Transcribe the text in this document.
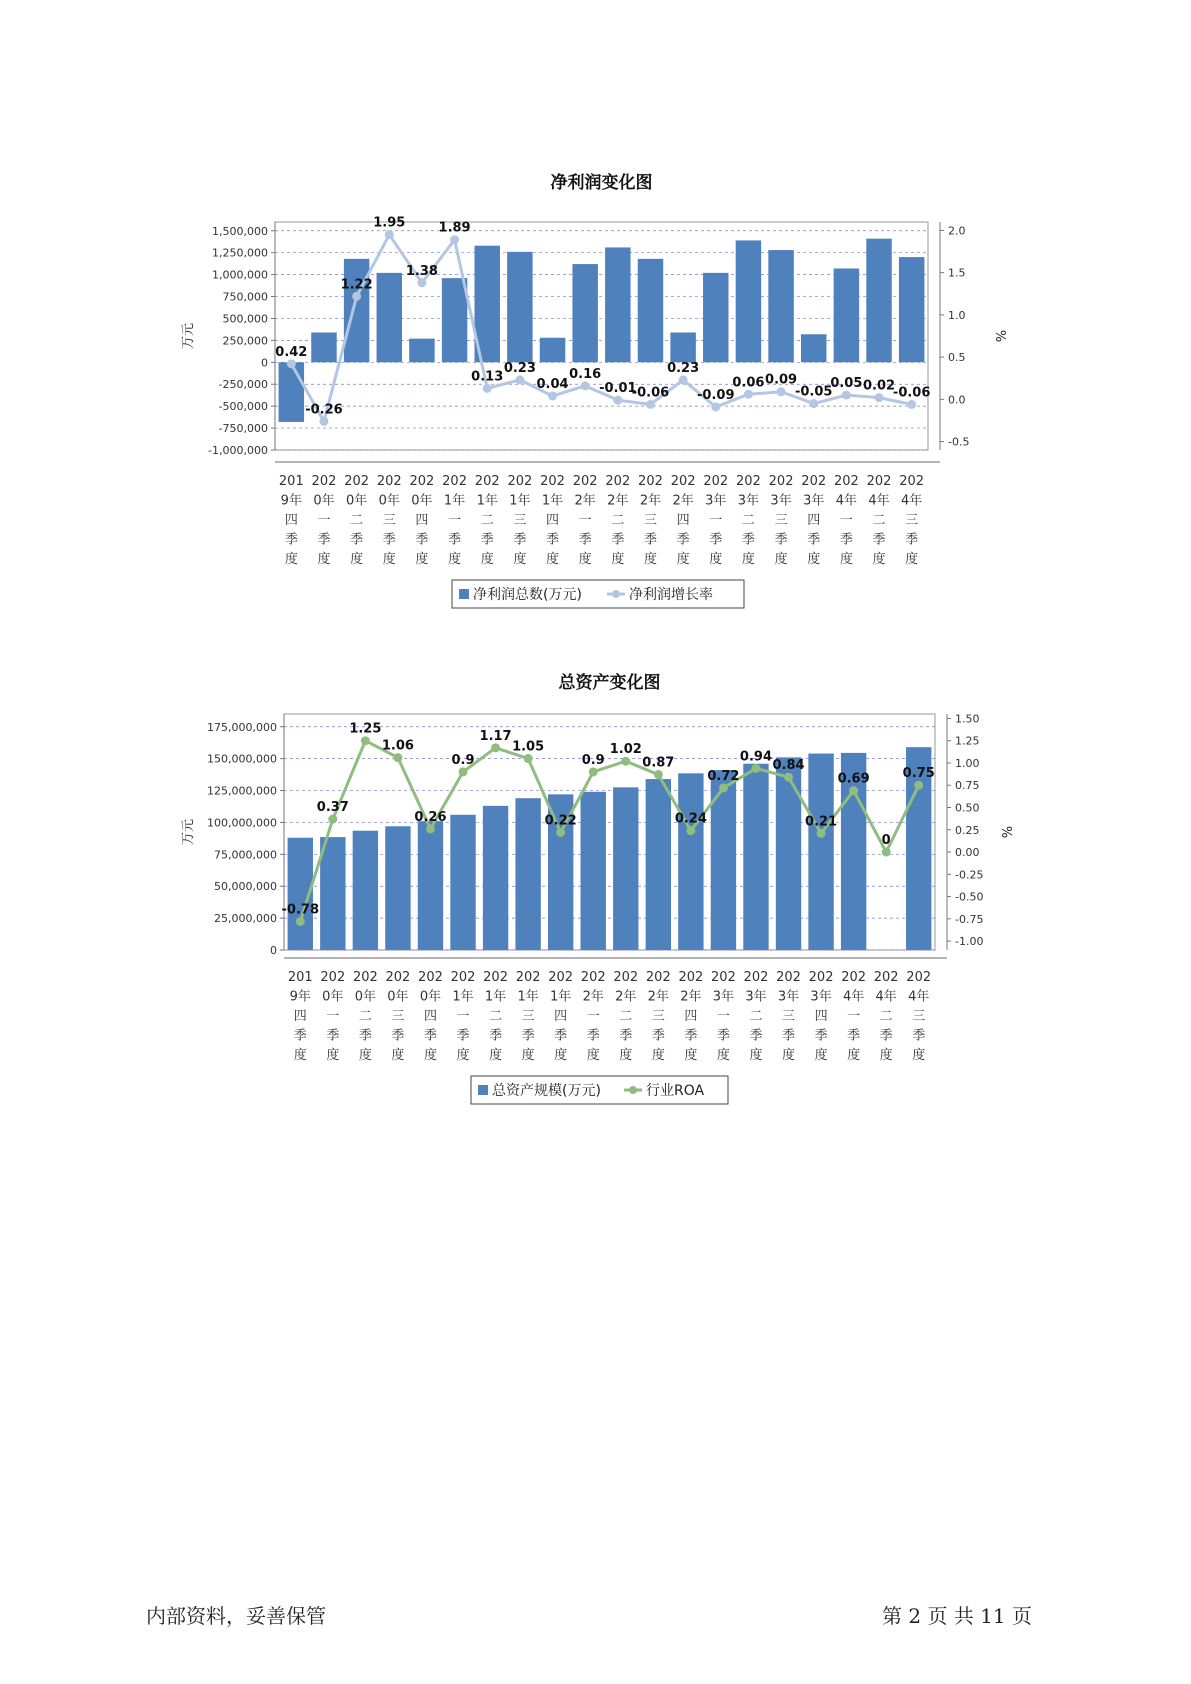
净利润变化图
-1,000,000
-750,000
-500,000
-250,000
0
250,000
500,000
750,000
1,000,000
1,250,000
1,500,000
-0.5
0.0
0.5
1.0
1.5
2.0
万元	%
201
9年
四
季
度
202
0年
一
季
度
202
0年
二
季
度
202
0年
三
季
度
202
0年
四
季
度
202
1年
一
季
度
202
1年
二
季
度
202
1年
三
季
度
202
1年
四
季
度
202
2年
一
季
度
202
2年
二
季
度
202
2年
三
季
度
202
2年
四
季
度
202
3年
一
季
度
202
3年
二
季
度
202
3年
三
季
度
202
3年
四
季
度
202
4年
一
季
度
202
4年
二
季
度
202
4年
三
季
度
0.42
-0.26
1.22
1.95
1.38
1.89
0.13
0.23
0.04
0.16
-0.01
-0.06
0.23
-0.09
0.06 0.09
-0.05
0.05 0.02
-0.06
净利润总数(万元)	净利润增长率
总资产变化图
0
25,000,000
50,000,000
75,000,000
100,000,000
125,000,000
150,000,000
175,000,000
-1.00
-0.75
-0.50
-0.25
0.00
0.25
0.50
0.75
1.00
1.25
1.50
万元	%
201
9年
四
季
度
202
0年
一
季
度
202
0年
二
季
度
202
0年
三
季
度
202
0年
四
季
度
202
1年
一
季
度
202
1年
二
季
度
202
1年
三
季
度
202
1年
四
季
度
202
2年
一
季
度
202
2年
二
季
度
202
2年
三
季
度
202
2年
四
季
度
202
3年
一
季
度
202
3年
二
季
度
202
3年
三
季
度
202
3年
四
季
度
202
4年
一
季
度
202
4年
二
季
度
202
4年
三
季
度
-0.78
0.37
1.25
1.06
0.26
0.9
1.17
1.05
0.22
0.9
1.02
0.87
0.24
0.72
0.94
0.84
0.21
0.69
0
0.75
总资产规模(万元)	行业ROA
内部资料，妥善保管	第 2 页 共 11 页
